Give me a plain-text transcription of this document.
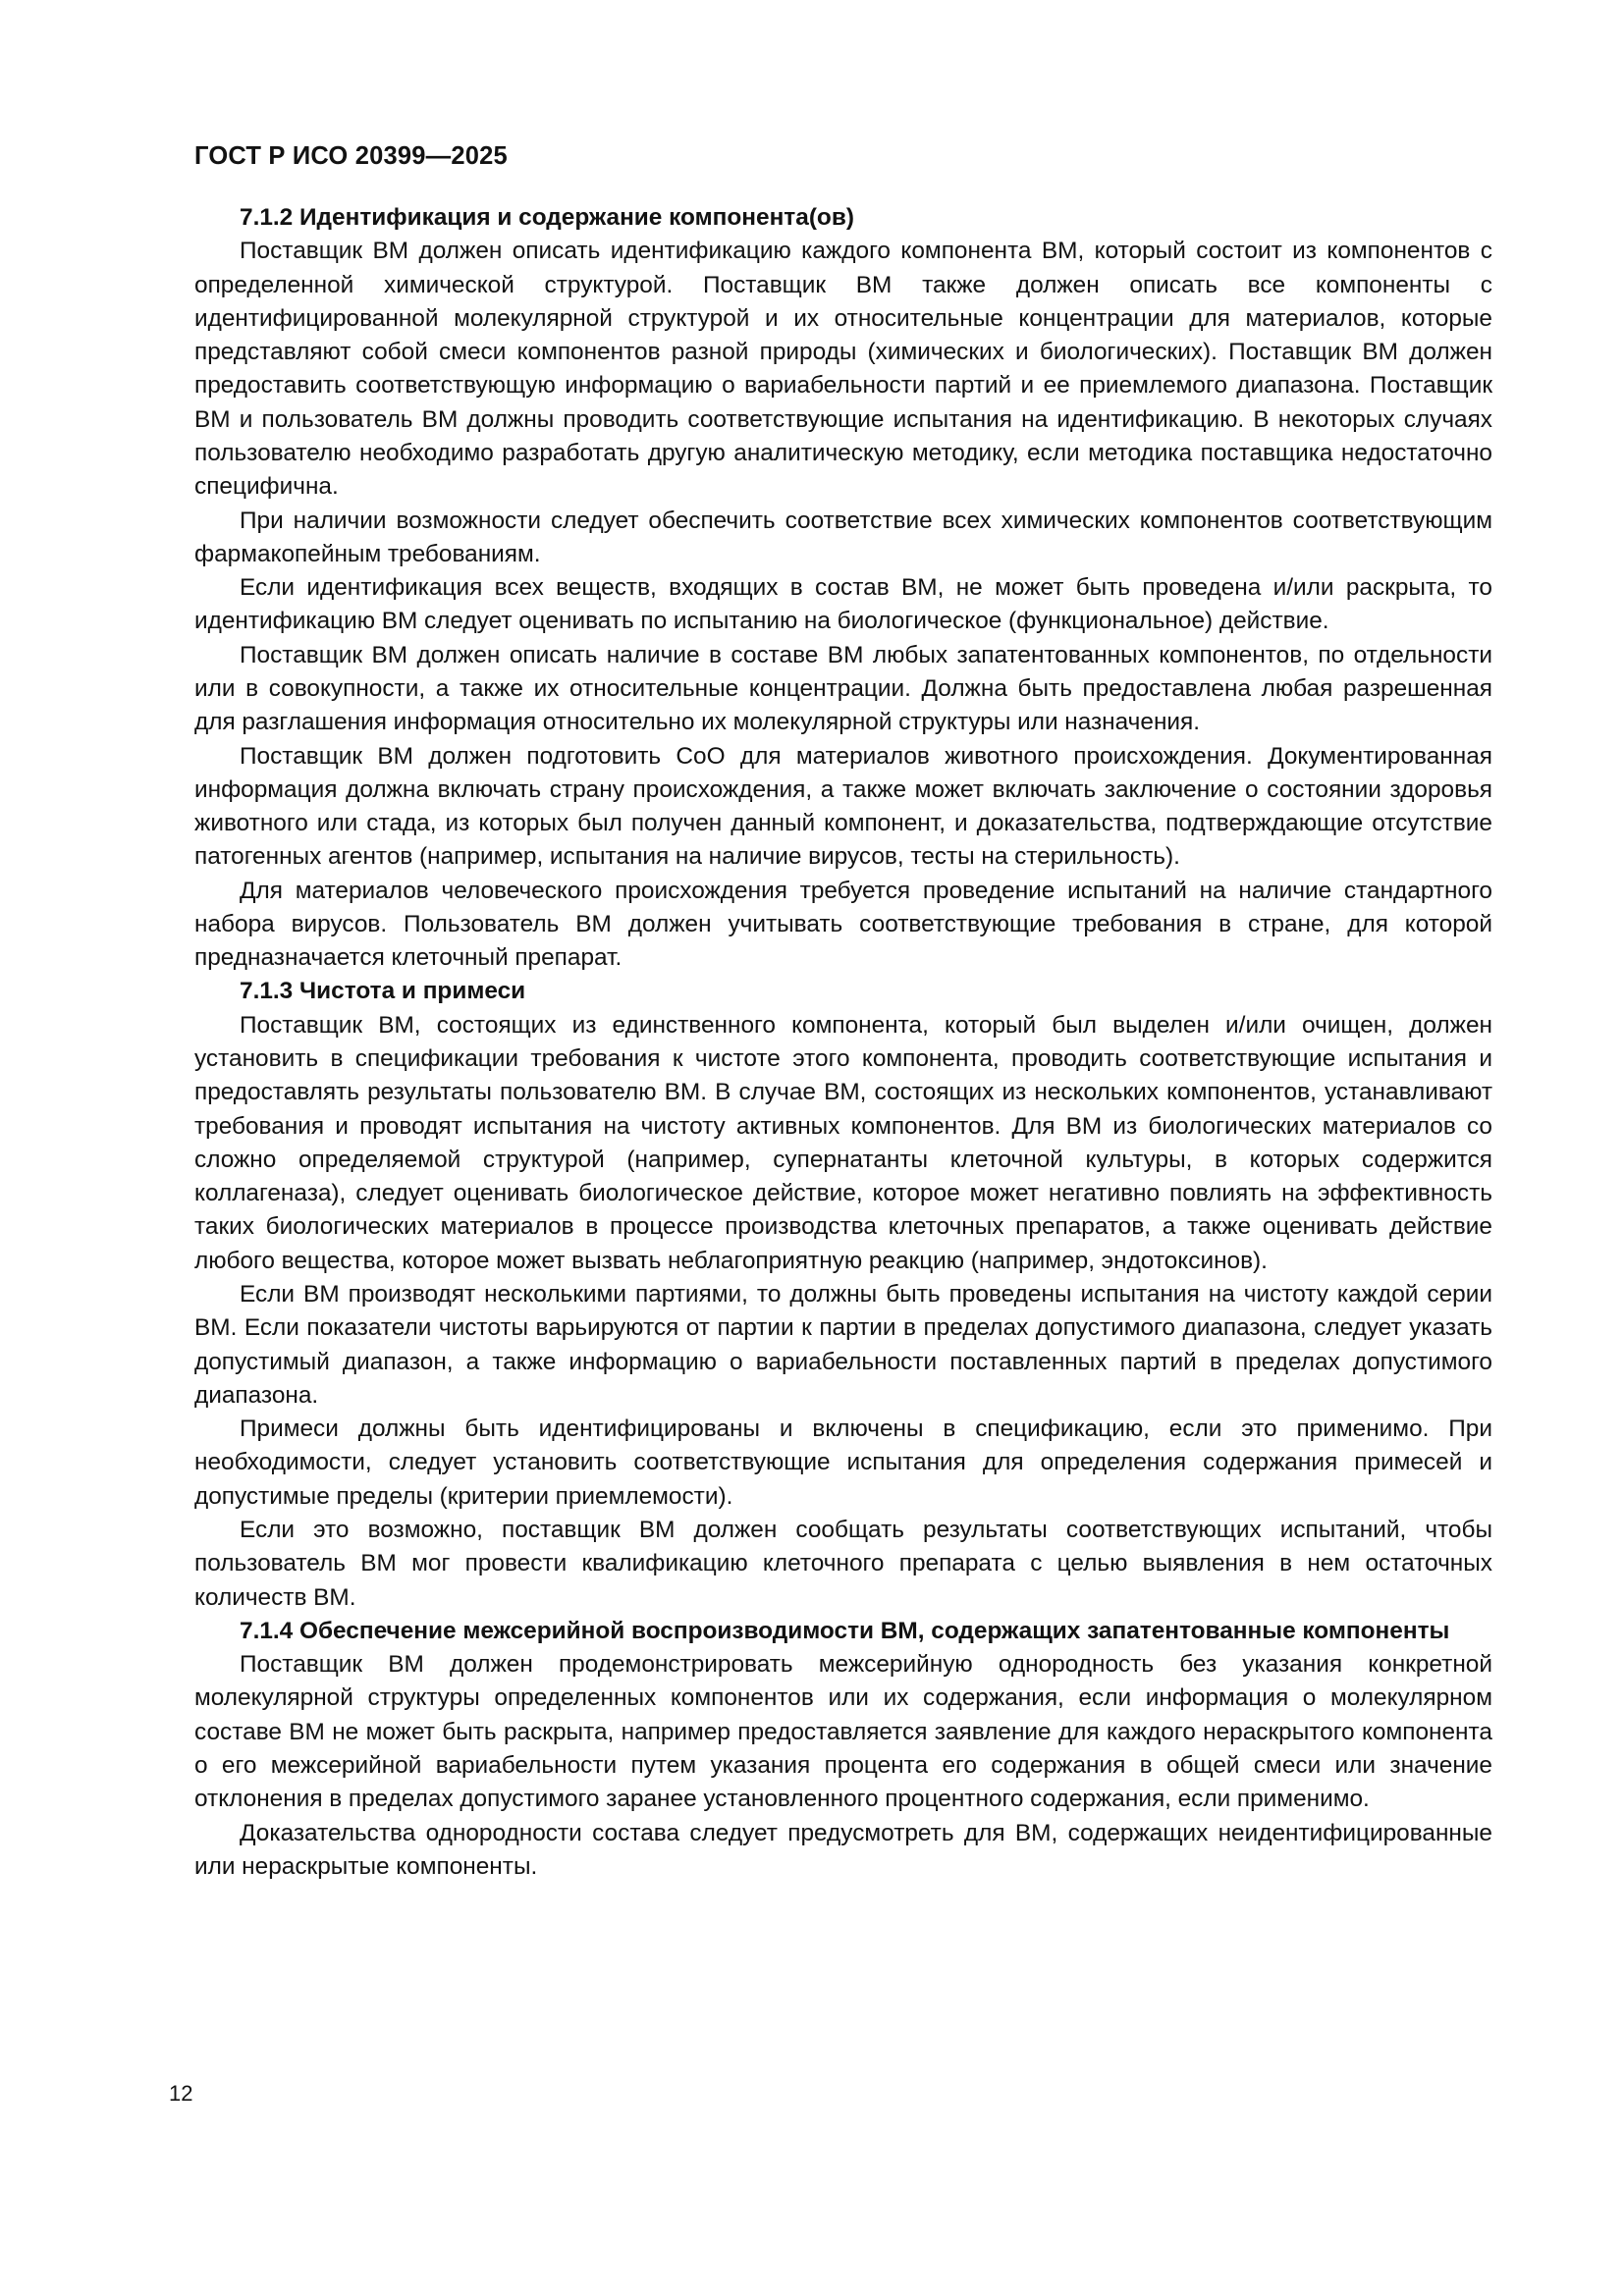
ГОСТ Р ИСО 20399—2025
7.1.2 Идентификация и содержание компонента(ов)

Поставщик ВМ должен описать идентификацию каждого компонента ВМ, который состоит из компонентов с определенной химической структурой. Поставщик ВМ также должен описать все компоненты с идентифицированной молекулярной структурой и их относительные концентрации для материалов, которые представляют собой смеси компонентов разной природы (химических и биологических). Поставщик ВМ должен предоставить соответствующую информацию о вариабельности партий и ее приемлемого диапазона. Поставщик ВМ и пользователь ВМ должны проводить соответствующие испытания на идентификацию. В некоторых случаях пользователю необходимо разработать другую аналитическую методику, если методика поставщика недостаточно специфична.

При наличии возможности следует обеспечить соответствие всех химических компонентов соответствующим фармакопейным требованиям.

Если идентификация всех веществ, входящих в состав ВМ, не может быть проведена и/или раскрыта, то идентификацию ВМ следует оценивать по испытанию на биологическое (функциональное) действие.

Поставщик ВМ должен описать наличие в составе ВМ любых запатентованных компонентов, по отдельности или в совокупности, а также их относительные концентрации. Должна быть предоставлена любая разрешенная для разглашения информация относительно их молекулярной структуры или назначения.

Поставщик ВМ должен подготовить CoO для материалов животного происхождения. Документированная информация должна включать страну происхождения, а также может включать заключение о состоянии здоровья животного или стада, из которых был получен данный компонент, и доказательства, подтверждающие отсутствие патогенных агентов (например, испытания на наличие вирусов, тесты на стерильность).

Для материалов человеческого происхождения требуется проведение испытаний на наличие стандартного набора вирусов. Пользователь ВМ должен учитывать соответствующие требования в стране, для которой предназначается клеточный препарат.

7.1.3 Чистота и примеси

Поставщик ВМ, состоящих из единственного компонента, который был выделен и/или очищен, должен установить в спецификации требования к чистоте этого компонента, проводить соответствующие испытания и предоставлять результаты пользователю ВМ. В случае ВМ, состоящих из нескольких компонентов, устанавливают требования и проводят испытания на чистоту активных компонентов. Для ВМ из биологических материалов со сложно определяемой структурой (например, супернатанты клеточной культуры, в которых содержится коллагеназа), следует оценивать биологическое действие, которое может негативно повлиять на эффективность таких биологических материалов в процессе производства клеточных препаратов, а также оценивать действие любого вещества, которое может вызвать неблагоприятную реакцию (например, эндотоксинов).

Если ВМ производят несколькими партиями, то должны быть проведены испытания на чистоту каждой серии ВМ. Если показатели чистоты варьируются от партии к партии в пределах допустимого диапазона, следует указать допустимый диапазон, а также информацию о вариабельности поставленных партий в пределах допустимого диапазона.

Примеси должны быть идентифицированы и включены в спецификацию, если это применимо. При необходимости, следует установить соответствующие испытания для определения содержания примесей и допустимые пределы (критерии приемлемости).

Если это возможно, поставщик ВМ должен сообщать результаты соответствующих испытаний, чтобы пользователь ВМ мог провести квалификацию клеточного препарата с целью выявления в нем остаточных количеств ВМ.

7.1.4 Обеспечение межсерийной воспроизводимости ВМ, содержащих запатентованные компоненты

Поставщик ВМ должен продемонстрировать межсерийную однородность без указания конкретной молекулярной структуры определенных компонентов или их содержания, если информация о молекулярном составе ВМ не может быть раскрыта, например предоставляется заявление для каждого нераскрытого компонента о его межсерийной вариабельности путем указания процента его содержания в общей смеси или значение отклонения в пределах допустимого заранее установленного процентного содержания, если применимо.

Доказательства однородности состава следует предусмотреть для ВМ, содержащих неидентифицированные или нераскрытые компоненты.

12
